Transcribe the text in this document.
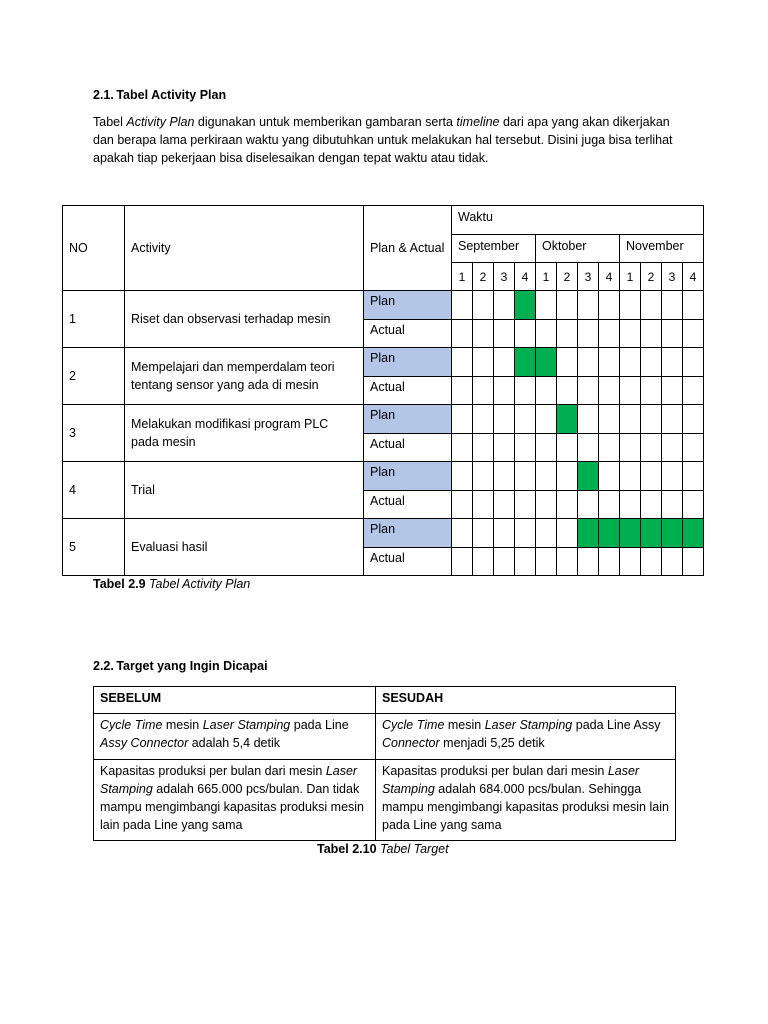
2.1. Tabel Activity Plan

Tabel Activity Plan digunakan untuk memberikan gambaran serta timeline dari apa yang akan dikerjakan dan berapa lama perkiraan waktu yang dibutuhkan untuk melakukan hal tersebut. Disini juga bisa terlihat apakah tiap pekerjaan bisa diselesaikan dengan tepat waktu atau tidak.

NO	Activity	Plan & Actual	Waktu											
			September				Oktober				November			
			1	2	3	4	1	2	3	4	1	2	3	4
1	Riset dan observasi terhadap mesin	Plan												
		Actual												
2	Mempelajari dan memperdalam teori tentang sensor yang ada di mesin	Plan												
		Actual												
3	Melakukan modifikasi program PLC pada mesin	Plan												
		Actual												
4	Trial	Plan												
		Actual												
5	Evaluasi hasil	Plan												
		Actual												
Tabel 2.9 Tabel Activity Plan
2.2. Target yang Ingin Dicapai
SEBELUM	SESUDAH
Cycle Time mesin Laser Stamping pada Line Assy Connector adalah 5,4 detik	Cycle Time mesin Laser Stamping pada Line Assy Connector menjadi 5,25 detik
Kapasitas produksi per bulan dari mesin Laser Stamping adalah 665.000 pcs/bulan. Dan tidak mampu mengimbangi kapasitas produksi mesin lain pada Line yang sama	Kapasitas produksi per bulan dari mesin Laser Stamping adalah 684.000 pcs/bulan. Sehingga mampu mengimbangi kapasitas produksi mesin lain pada Line yang sama
Tabel 2.10 Tabel Target
